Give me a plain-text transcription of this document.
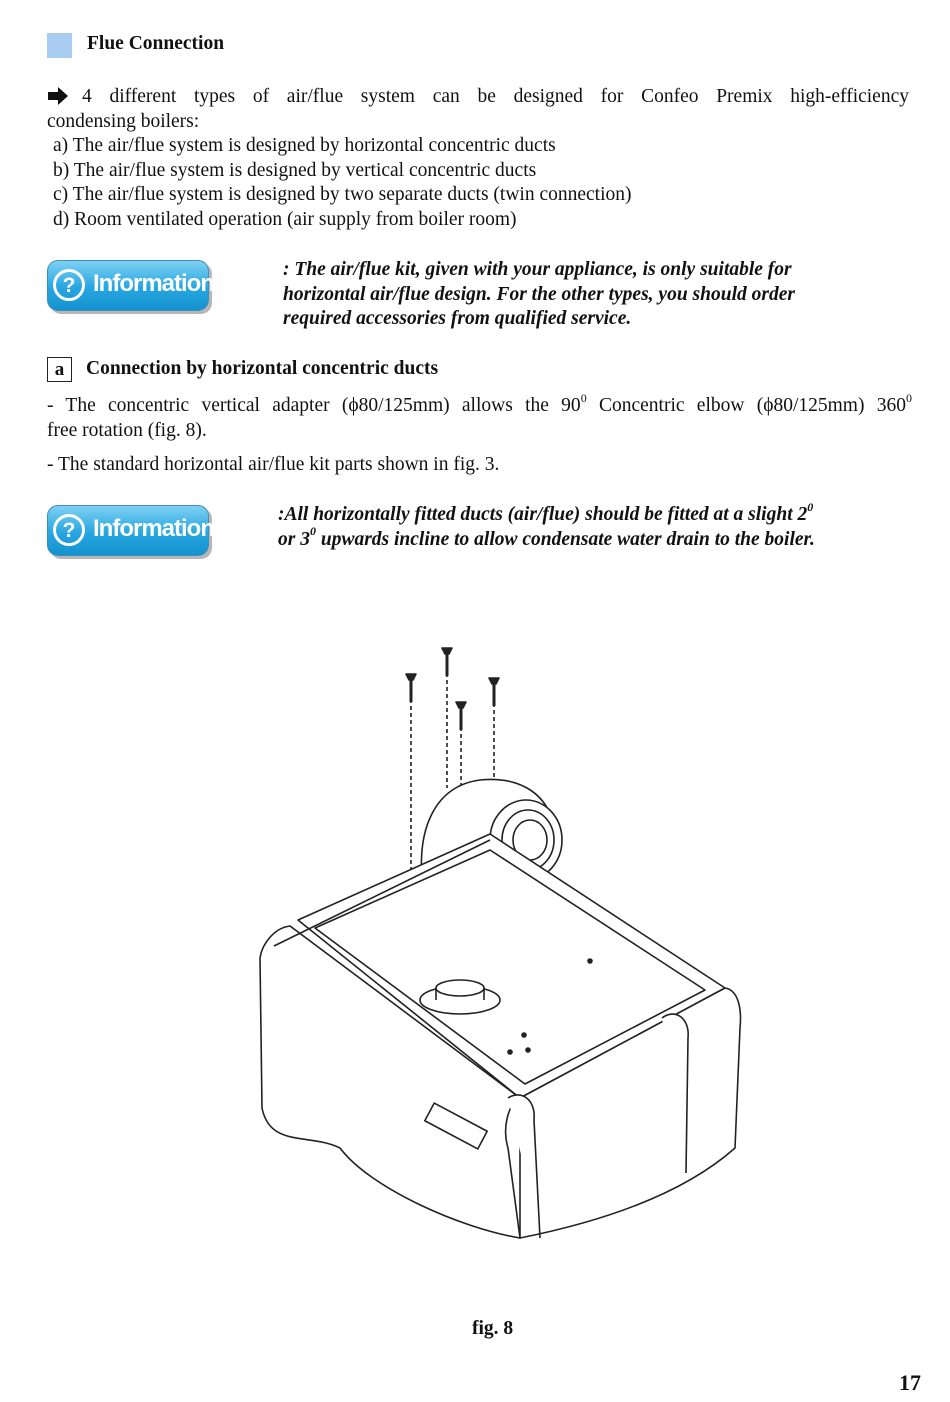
Flue Connection
4 different types of air/flue system can be designed for Confeo Premix high-efficiency
condensing boilers:
a) The air/flue system is designed by horizontal concentric ducts
b) The air/flue system is designed by vertical concentric ducts
c) The air/flue system is designed by two separate ducts (twin connection)
d) Room ventilated operation (air supply from boiler room)
? Information
: The air/flue kit, given with your appliance, is only suitable for
horizontal air/flue design. For the other types, you should order
required accessories from qualified service.
a	Connection by horizontal concentric ducts
- The concentric vertical adapter (ϕ80/125mm) allows the $90^0$ Concentric elbow (ϕ80/125mm) $360^0$
free rotation (fig. 8).
- The standard horizontal air/flue kit parts shown in fig. 3.
? Information
:All horizontally fitted ducts (air/flue) should be fitted at a slight $2^0$
or $3^0$ upwards incline to allow condensate water drain to the boiler.
fig. 8
17
